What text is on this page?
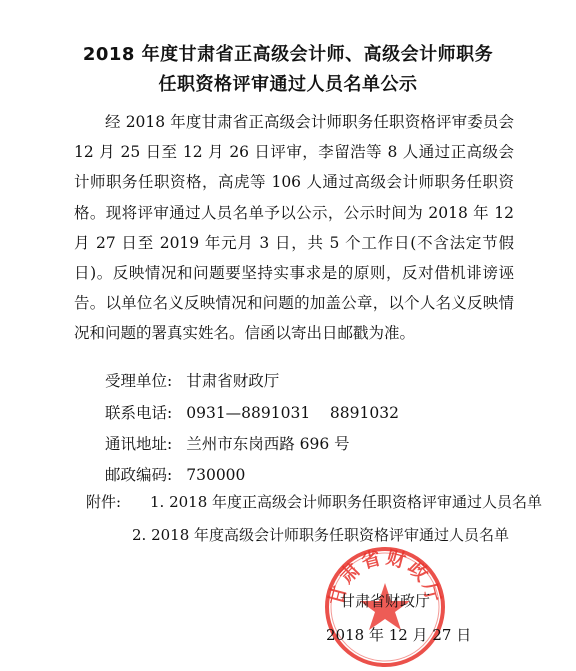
2018 年度甘肃省正高级会计师、高级会计师职务
任职资格评审通过人员名单公示
经 2018 年度甘肃省正高级会计师职务任职资格评审委员会 12 月 25 日至 12 月 26 日评审，李留浩等 8 人通过正高级会计师职务任职资格，高虎等 106 人通过高级会计师职务任职资格。现将评审通过人员名单予以公示，公示时间为 2018 年 12 月 27 日至 2019 年元月 3 日，共 5 个工作日(不含法定节假日)。反映情况和问题要坚持实事求是的原则，反对借机诽谤诬告。以单位名义反映情况和问题的加盖公章，以个人名义反映情况和问题的署真实姓名。信函以寄出日邮戳为准。
受理单位: 甘肃省财政厅
联系电话: 0931—8891031    8891032
通讯地址: 兰州市东岗西路 696 号
邮政编码: 730000
附件: 1. 2018 年度正高级会计师职务任职资格评审通过人员名单
2. 2018 年度高级会计师职务任职资格评审通过人员名单
甘肃省财政厅
甘肃省财政厅
2018 年 12 月 27 日
